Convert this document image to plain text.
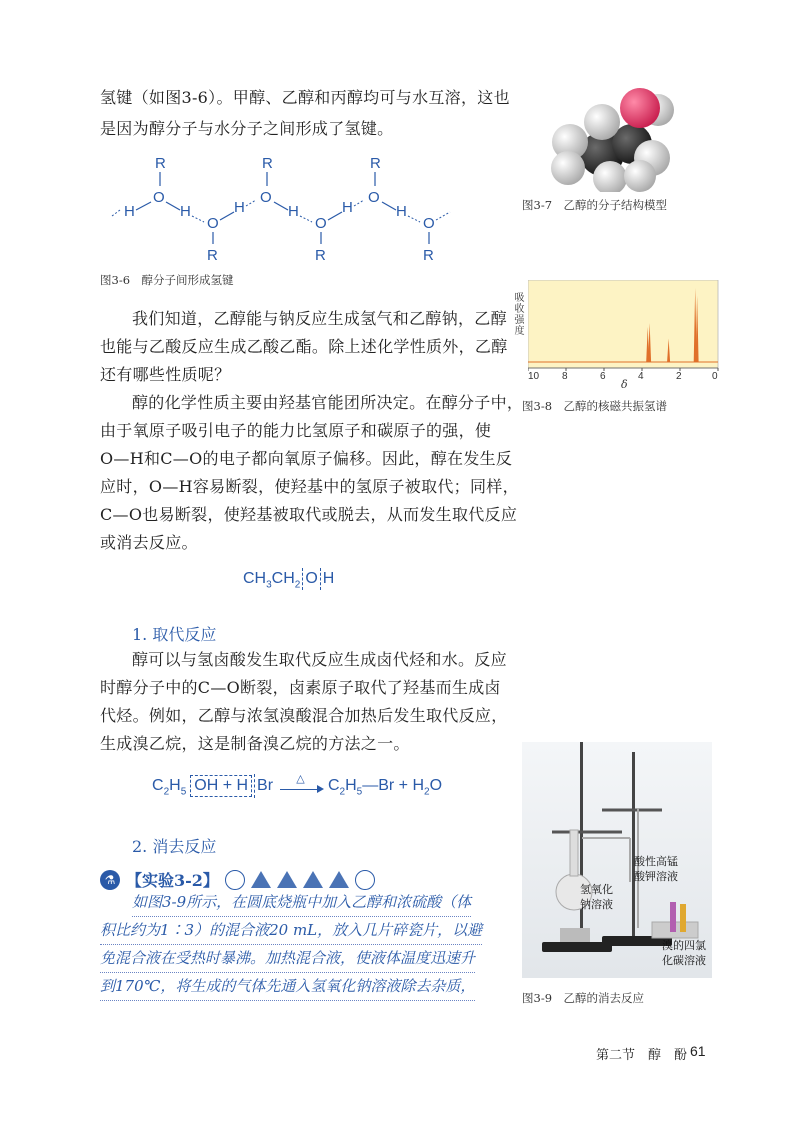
氢键（如图3-6）。甲醇、乙醇和丙醇均可与水互溶，这也
是因为醇分子与水分子之间形成了氢键。
R
O
H	H
O
R
H
R
O
H
O
R
H
R
O
H
O
R
图3-6　醇分子间形成氢键
图3-7　乙醇的分子结构模型
吸收强度
10 8	6	4	2	0
δ
图3-8　乙醇的核磁共振氢谱
我们知道，乙醇能与钠反应生成氢气和乙醇钠，乙醇
也能与乙酸反应生成乙酸乙酯。除上述化学性质外，乙醇
还有哪些性质呢？
醇的化学性质主要由羟基官能团所决定。在醇分子中，
由于氧原子吸引电子的能力比氢原子和碳原子的强，使
O—H和C—O的电子都向氧原子偏移。因此，醇在发生反
应时，O—H容易断裂，使羟基中的氢原子被取代；同样，
C—O也易断裂，使羟基被取代或脱去，从而发生取代反应
或消去反应。
$CH_3CH_2$ O H
1. 取代反应
醇可以与氢卤酸发生取代反应生成卤代烃和水。反应
时醇分子中的C—O断裂，卤素原子取代了羟基而生成卤
代烃。例如，乙醇与浓氢溴酸混合加热后发生取代反应，
生成溴乙烷，这是制备溴乙烷的方法之一。
$C_2H_5$ OH + H Br △ $C_2H_5—Br + H_2O$
2. 消去反应
⚗ 【实验3-2】
如图3-9所示，在圆底烧瓶中加入乙醇和浓硫酸（体
积比约为1∶3）的混合液20 mL，放入几片碎瓷片，以避
免混合液在受热时暴沸。加热混合液，使液体温度迅速升
到170℃，将生成的气体先通入氢氧化钠溶液除去杂质，
酸性高锰
酸钾溶液
氢氧化
钠溶液
溴的四氯
化碳溶液
图3-9　乙醇的消去反应
第二节　醇　酚 61
